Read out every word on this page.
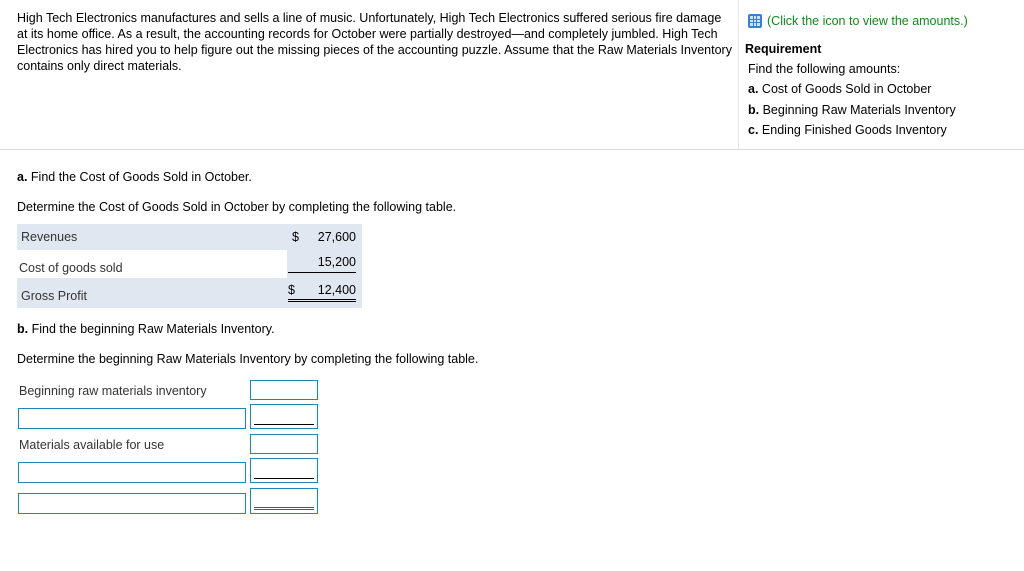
High Tech Electronics manufactures and sells a line of music. Unfortunately, High Tech Electronics suffered serious fire damage at its home office. As a result, the accounting records for October were partially destroyed—and completely jumbled. High Tech Electronics has hired you to help figure out the missing pieces of the accounting puzzle. Assume that the Raw Materials Inventory contains only direct materials.
(Click the icon to view the amounts.)
Requirement
Find the following amounts:
a. Cost of Goods Sold in October
b. Beginning Raw Materials Inventory
c. Ending Finished Goods Inventory
a. Find the Cost of Goods Sold in October.
Determine the Cost of Goods Sold in October by completing the following table.
Revenues	$ 27,600
Cost of goods sold	15,200
Gross Profit	$ 12,400
b. Find the beginning Raw Materials Inventory.
Determine the beginning Raw Materials Inventory by completing the following table.
Beginning raw materials inventory
Materials available for use
